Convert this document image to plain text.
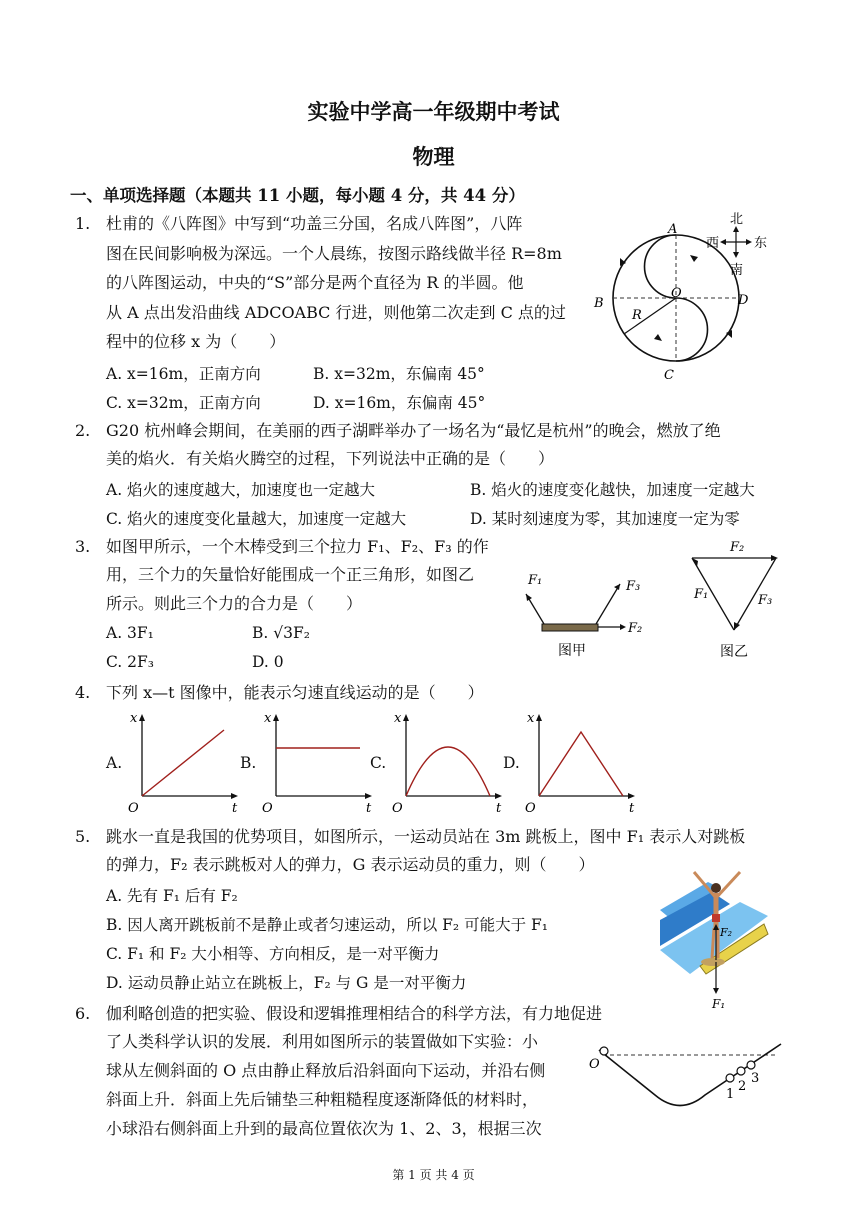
实验中学高一年级期中考试
物理
一、单项选择题（本题共 11 小题，每小题 4 分，共 44 分）
1. 杜甫的《八阵图》中写到“功盖三分国，名成八阵图”，八阵
图在民间影响极为深远。一个人晨练，按图示路线做半径 R=8m
的八阵图运动，中央的“S”部分是两个直径为 R 的半圆。他
从 A 点出发沿曲线 ADCOABC 行进，则他第二次走到 C 点的过
程中的位移 x 为（　　）
A. x=16m，正南方向	B. x=32m，东偏南 45°
C. x=32m，正南方向	D. x=16m，东偏南 45°
A
B
C
D
O
R
北
南
西	东
2. G20 杭州峰会期间，在美丽的西子湖畔举办了一场名为“最忆是杭州”的晚会，燃放了绝
美的焰火．有关焰火腾空的过程，下列说法中正确的是（　　）
A. 焰火的速度越大，加速度也一定越大	B. 焰火的速度变化越快，加速度一定越大
C. 焰火的速度变化量越大，加速度一定越大	D. 某时刻速度为零，其加速度一定为零
3. 如图甲所示，一个木棒受到三个拉力 F₁、F₂、F₃ 的作
用，三个力的矢量恰好能围成一个正三角形，如图乙
所示。则此三个力的合力是（　　）
A. 3F₁	B. √3F₂
C. 2F₃	D. 0
F₁	F₃
F₂
图甲
F₂
F₁	F₃
图乙
4. 下列 x—t 图像中，能表示匀速直线运动的是（　　）
A.
t
x
O
B.
t
x
O
C.
t
x
O
D.
t
x
O
5. 跳水一直是我国的优势项目，如图所示，一运动员站在 3m 跳板上，图中 F₁ 表示人对跳板
的弹力，F₂ 表示跳板对人的弹力，G 表示运动员的重力，则（　　）
A. 先有 F₁ 后有 F₂
B. 因人离开跳板前不是静止或者匀速运动，所以 F₂ 可能大于 F₁
C. F₁ 和 F₂ 大小相等、方向相反，是一对平衡力
D. 运动员静止站立在跳板上，F₂ 与 G 是一对平衡力
F₂
F₁
6. 伽利略创造的把实验、假设和逻辑推理相结合的科学方法，有力地促进
了人类科学认识的发展．利用如图所示的装置做如下实验：小
球从左侧斜面的 O 点由静止释放后沿斜面向下运动，并沿右侧
斜面上升．斜面上先后铺垫三种粗糙程度逐渐降低的材料时，
小球沿右侧斜面上升到的最高位置依次为 1、2、3，根据三次
O
1
2
3
第 1 页 共 4 页
